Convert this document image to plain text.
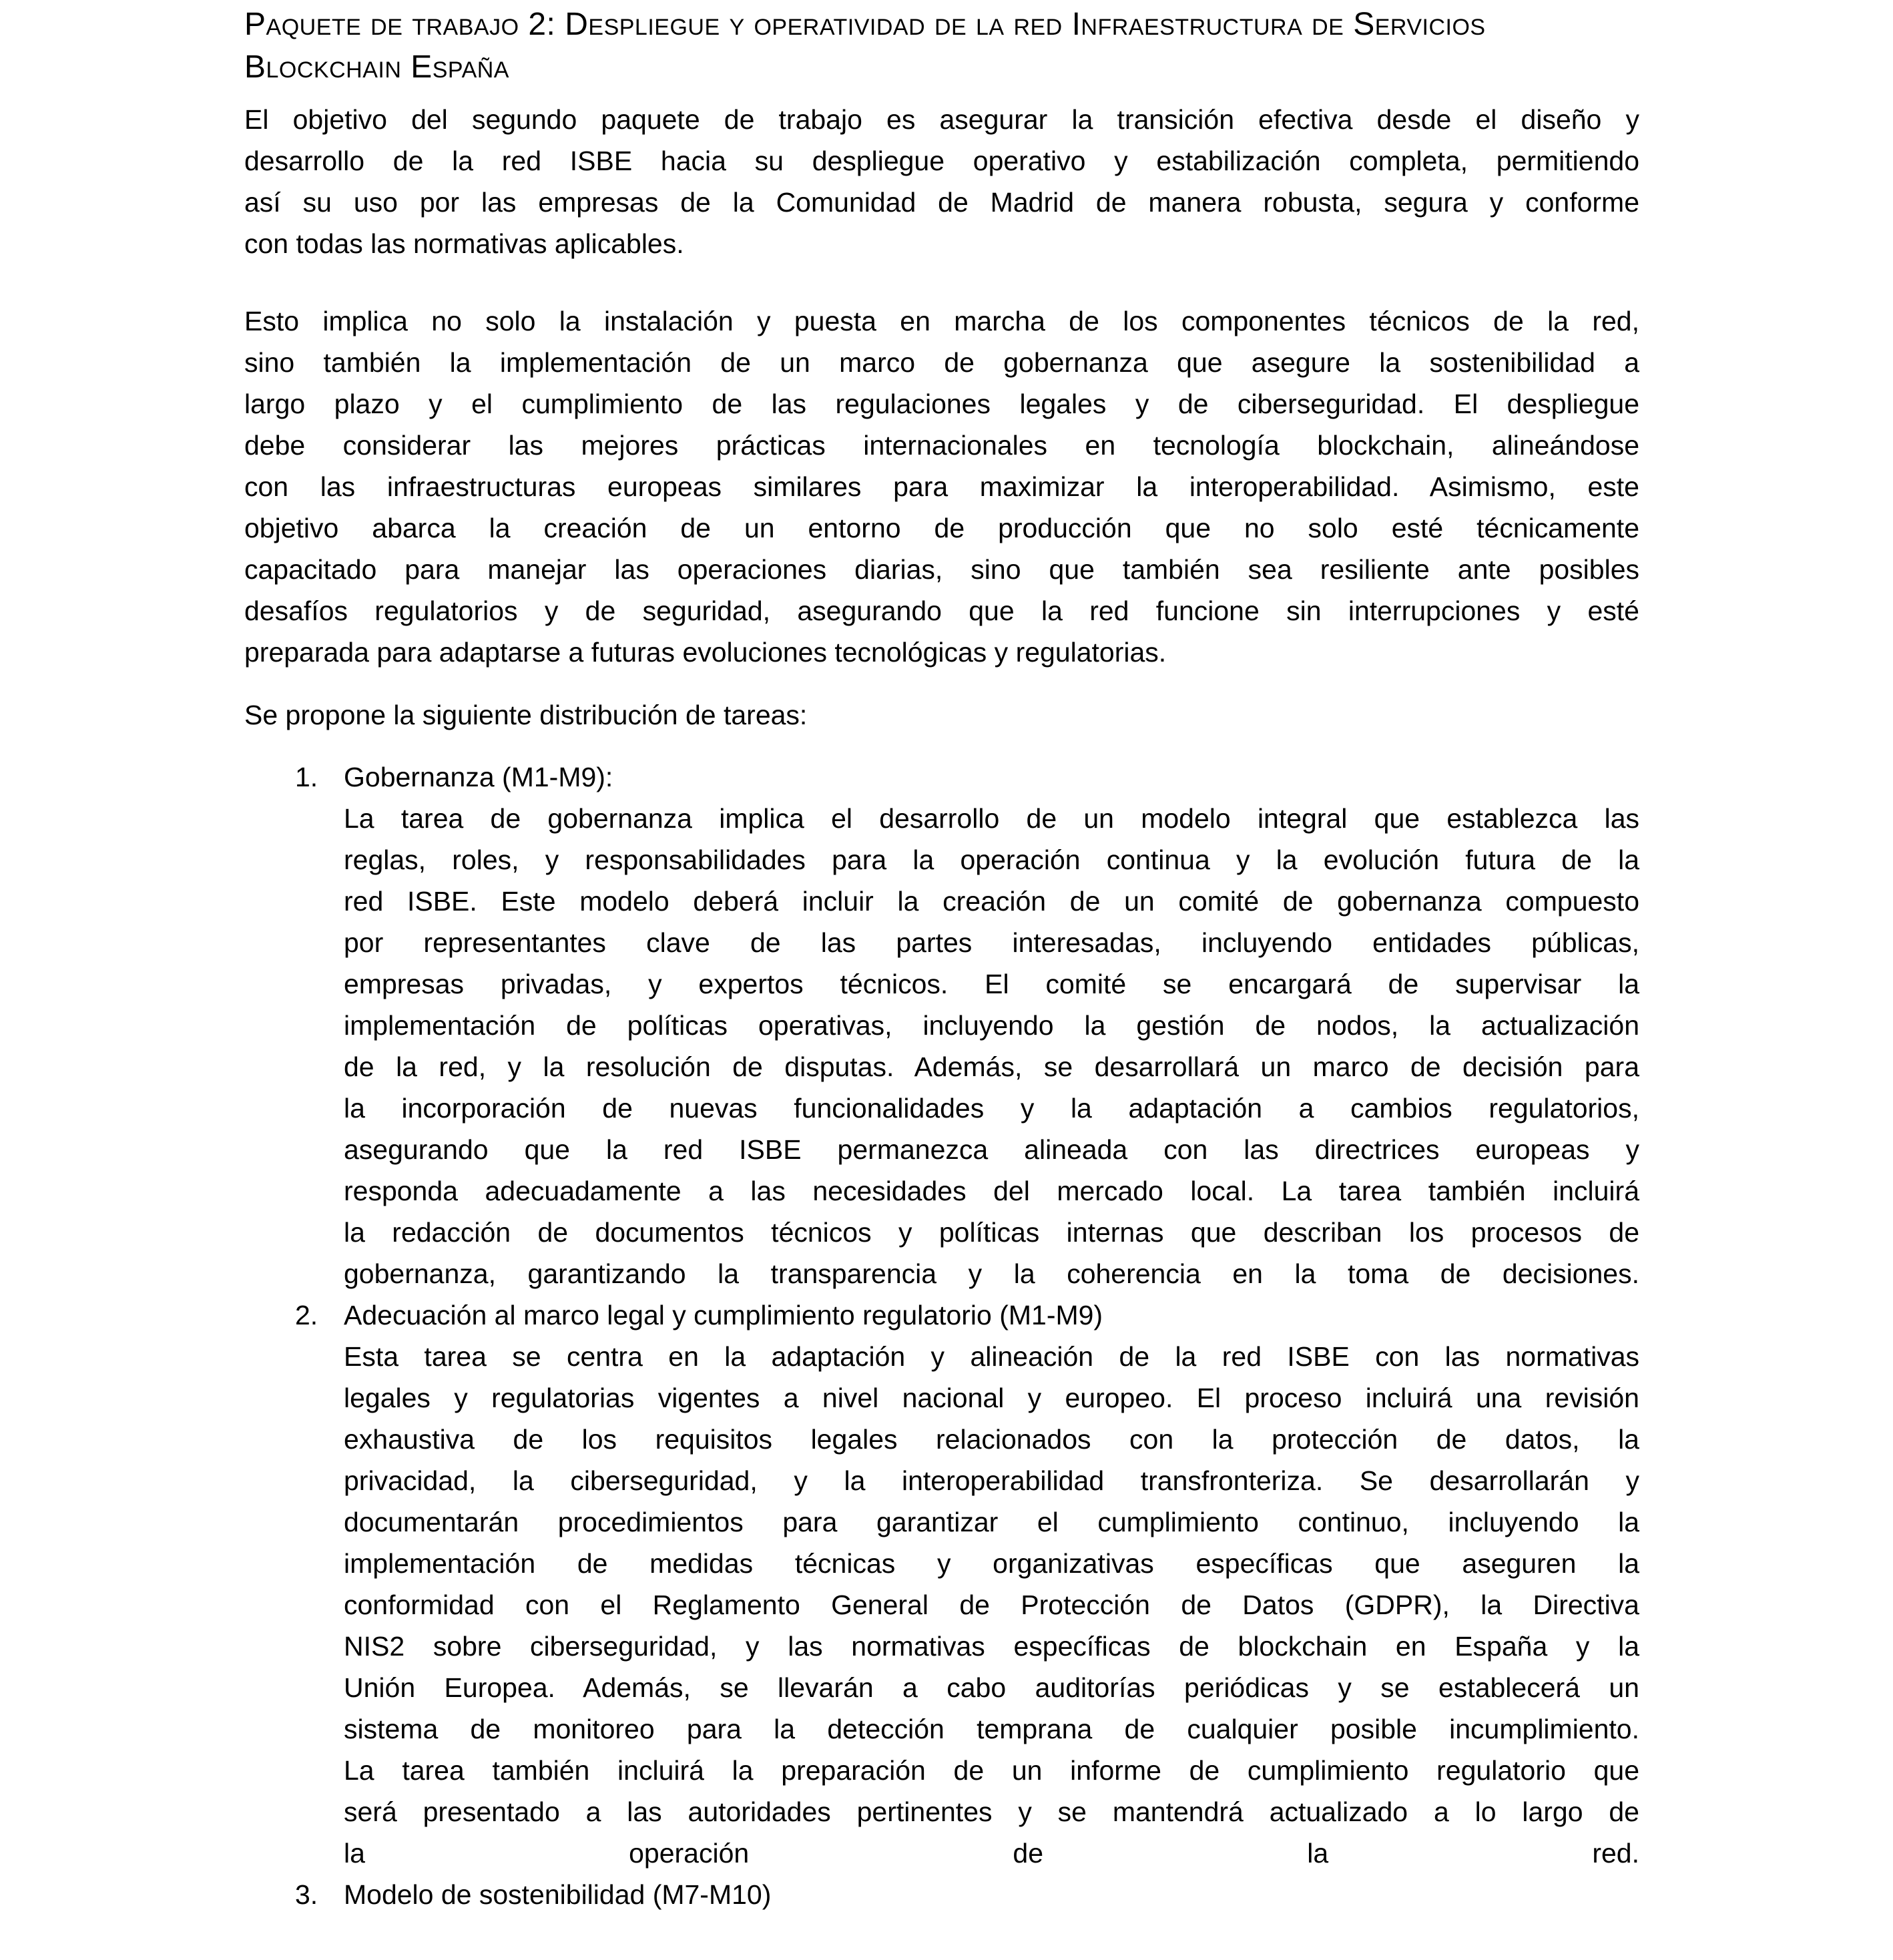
Paquete de trabajo 2: Despliegue y operatividad de la red Infraestructura de Servicios
Blockchain España
El objetivo del segundo paquete de trabajo es asegurar la transición efectiva desde el diseño y
desarrollo de la red ISBE hacia su despliegue operativo y estabilización completa, permitiendo
así su uso por las empresas de la Comunidad de Madrid de manera robusta, segura y conforme
con todas las normativas aplicables.
Esto implica no solo la instalación y puesta en marcha de los componentes técnicos de la red,
sino también la implementación de un marco de gobernanza que asegure la sostenibilidad a
largo plazo y el cumplimiento de las regulaciones legales y de ciberseguridad. El despliegue
debe considerar las mejores prácticas internacionales en tecnología blockchain, alineándose
con las infraestructuras europeas similares para maximizar la interoperabilidad. Asimismo, este
objetivo abarca la creación de un entorno de producción que no solo esté técnicamente
capacitado para manejar las operaciones diarias, sino que también sea resiliente ante posibles
desafíos regulatorios y de seguridad, asegurando que la red funcione sin interrupciones y esté
preparada para adaptarse a futuras evoluciones tecnológicas y regulatorias.
Se propone la siguiente distribución de tareas:
1. Gobernanza (M1-M9):
La tarea de gobernanza implica el desarrollo de un modelo integral que establezca las
reglas, roles, y responsabilidades para la operación continua y la evolución futura de la
red ISBE. Este modelo deberá incluir la creación de un comité de gobernanza compuesto
por representantes clave de las partes interesadas, incluyendo entidades públicas,
empresas privadas, y expertos técnicos. El comité se encargará de supervisar la
implementación de políticas operativas, incluyendo la gestión de nodos, la actualización
de la red, y la resolución de disputas. Además, se desarrollará un marco de decisión para
la incorporación de nuevas funcionalidades y la adaptación a cambios regulatorios,
asegurando que la red ISBE permanezca alineada con las directrices europeas y
responda adecuadamente a las necesidades del mercado local. La tarea también incluirá
la redacción de documentos técnicos y políticas internas que describan los procesos de
gobernanza, garantizando la transparencia y la coherencia en la toma de decisiones.
2. Adecuación al marco legal y cumplimiento regulatorio (M1-M9)
Esta tarea se centra en la adaptación y alineación de la red ISBE con las normativas
legales y regulatorias vigentes a nivel nacional y europeo. El proceso incluirá una revisión
exhaustiva de los requisitos legales relacionados con la protección de datos, la
privacidad, la ciberseguridad, y la interoperabilidad transfronteriza. Se desarrollarán y
documentarán procedimientos para garantizar el cumplimiento continuo, incluyendo la
implementación de medidas técnicas y organizativas específicas que aseguren la
conformidad con el Reglamento General de Protección de Datos (GDPR), la Directiva
NIS2 sobre ciberseguridad, y las normativas específicas de blockchain en España y la
Unión Europea. Además, se llevarán a cabo auditorías periódicas y se establecerá un
sistema de monitoreo para la detección temprana de cualquier posible incumplimiento.
La tarea también incluirá la preparación de un informe de cumplimiento regulatorio que
será presentado a las autoridades pertinentes y se mantendrá actualizado a lo largo de
la operación de la red.
3. Modelo de sostenibilidad (M7-M10)
